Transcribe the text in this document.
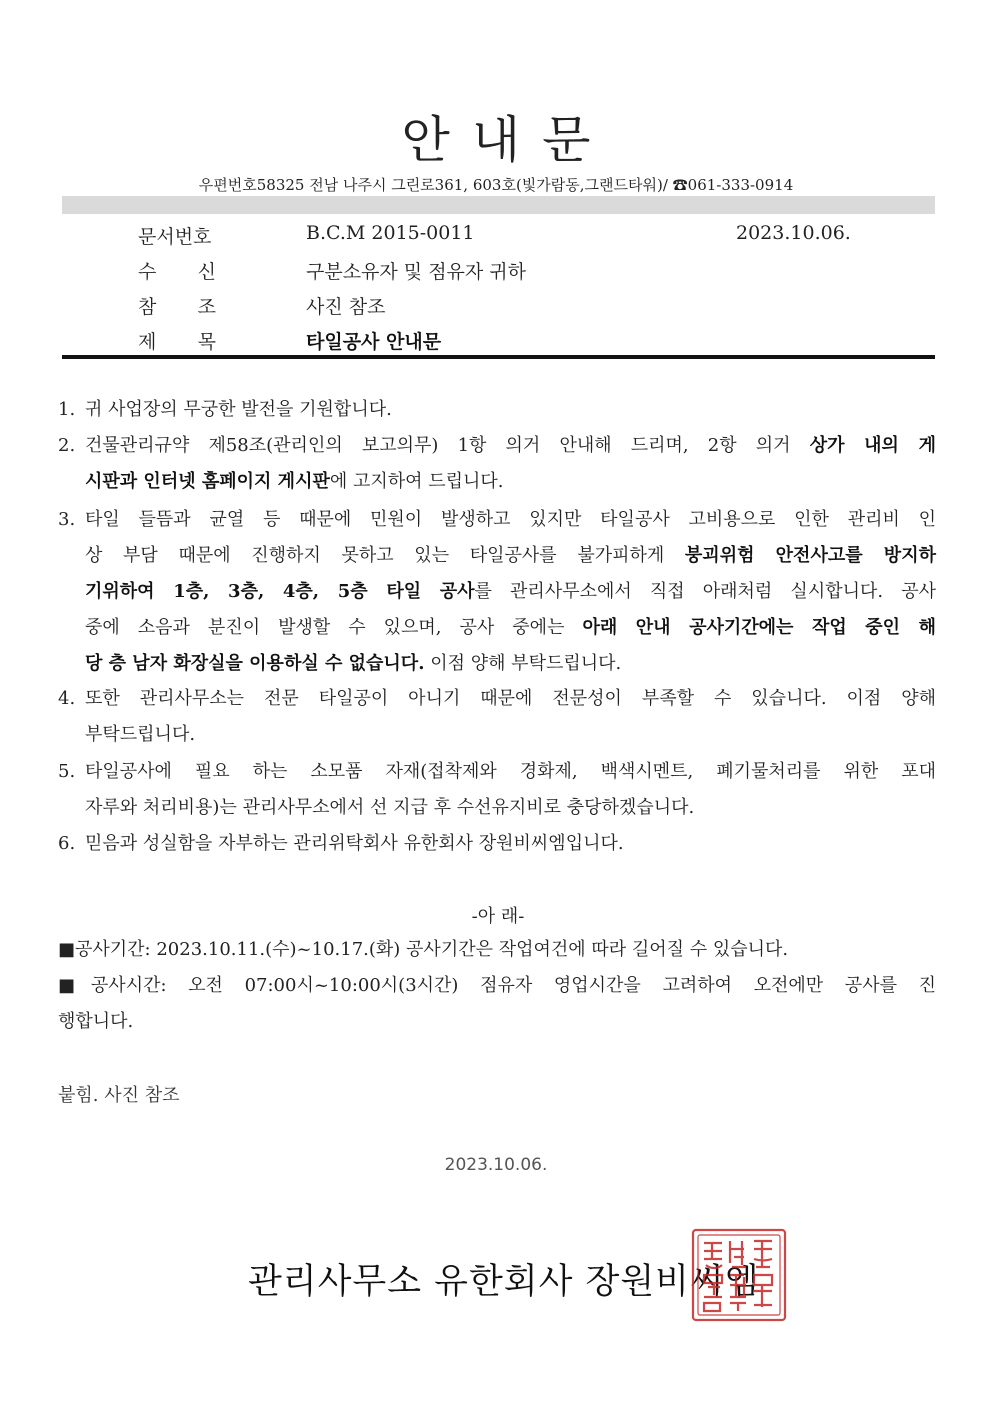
안내문
우편번호58325 전남 나주시 그린로361, 603호(빛가람동,그랜드타워)/ ☎061-333-0914
문서번호	B.C.M 2015-0011	2023.10.06.
수 신	구분소유자 및 점유자 귀하
참 조	사진 참조
제 목	타일공사 안내문
1. 귀 사업장의 무궁한 발전을 기원합니다.
2. 건물관리규약 제58조(관리인의 보고의무) 1항 의거 안내해 드리며, 2항 의거 상가 내의 게
시판과 인터넷 홈페이지 게시판에 고지하여 드립니다.
3. 타일 들뜸과 균열 등 때문에 민원이 발생하고 있지만 타일공사 고비용으로 인한 관리비 인
상 부담 때문에 진행하지 못하고 있는 타일공사를 불가피하게 붕괴위험 안전사고를 방지하
기위하여 1층, 3층, 4층, 5층 타일 공사를 관리사무소에서 직접 아래처럼 실시합니다. 공사
중에 소음과 분진이 발생할 수 있으며, 공사 중에는 아래 안내 공사기간에는 작업 중인 해
당 층 남자 화장실을 이용하실 수 없습니다. 이점 양해 부탁드립니다.
4. 또한 관리사무소는 전문 타일공이 아니기 때문에 전문성이 부족할 수 있습니다. 이점 양해
부탁드립니다.
5. 타일공사에 필요 하는 소모품 자재(접착제와 경화제, 백색시멘트, 폐기물처리를 위한 포대
자루와 처리비용)는 관리사무소에서 선 지급 후 수선유지비로 충당하겠습니다.
6. 믿음과 성실함을 자부하는 관리위탁회사 유한회사 장원비씨엠입니다.
-아 래-
■공사기간: 2023.10.11.(수)~10.17.(화) 공사기간은 작업여건에 따라 길어질 수 있습니다.
■공사시간: 오전 07:00시~10:00시(3시간) 점유자 영업시간을 고려하여 오전에만 공사를 진
행합니다.
붙힘. 사진 참조
2023.10.06.
관리사무소 유한회사 장원비씨엠
